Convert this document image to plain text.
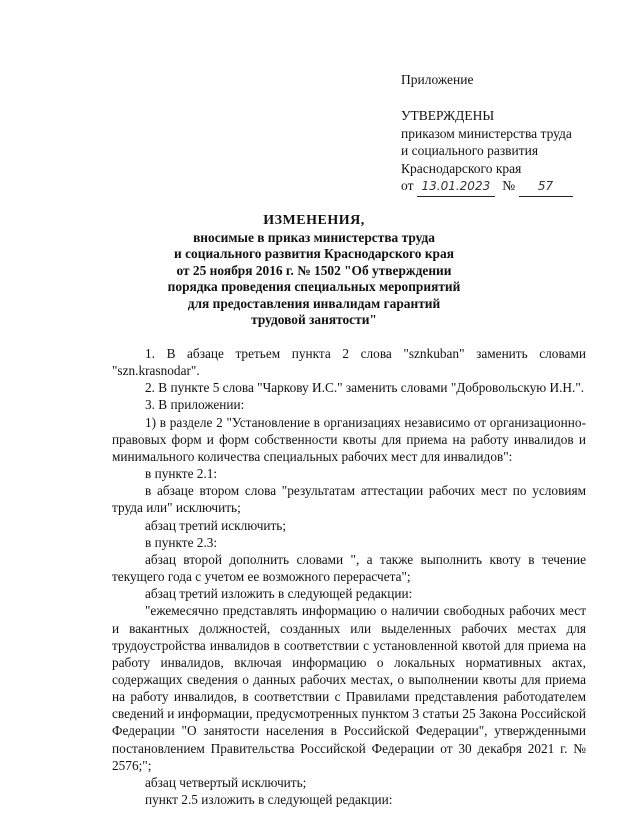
Приложение
УТВЕРЖДЕНЫ
приказом министерства труда
и социального развития
Краснодарского края
от 13.01.2023 № 57
ИЗМЕНЕНИЯ,
вносимые в приказ министерства труда
и социального развития Краснодарского края
от 25 ноября 2016 г. № 1502 "Об утверждении
порядка проведения специальных мероприятий
для предоставления инвалидам гарантий
трудовой занятости"
1. В абзаце третьем пункта 2 слова "sznkuban" заменить словами "szn.krasnodar".
2. В пункте 5 слова "Чаркову И.С." заменить словами "Добровольскую И.Н.".
3. В приложении:
1) в разделе 2 "Установление в организациях независимо от организационно-правовых форм и форм собственности квоты для приема на работу инвалидов и минимального количества специальных рабочих мест для инвалидов":
в пункте 2.1:
в абзаце втором слова "результатам аттестации рабочих мест по условиям труда или" исключить;
абзац третий исключить;
в пункте 2.3:
абзац второй дополнить словами ", а также выполнить квоту в течение текущего года с учетом ее возможного перерасчета";
абзац третий изложить в следующей редакции:
"ежемесячно представлять информацию о наличии свободных рабочих мест и вакантных должностей, созданных или выделенных рабочих местах для трудоустройства инвалидов в соответствии с установленной квотой для приема на работу инвалидов, включая информацию о локальных нормативных актах, содержащих сведения о данных рабочих местах, о выполнении квоты для приема на работу инвалидов, в соответствии с Правилами представления работодателем сведений и информации, предусмотренных пунктом 3 статьи 25 Закона Российской Федерации "О занятости населения в Российской Федерации", утвержденными постановлением Правительства Российской Федерации от 30 декабря 2021 г. № 2576;";
абзац четвертый исключить;
пункт 2.5 изложить в следующей редакции:
